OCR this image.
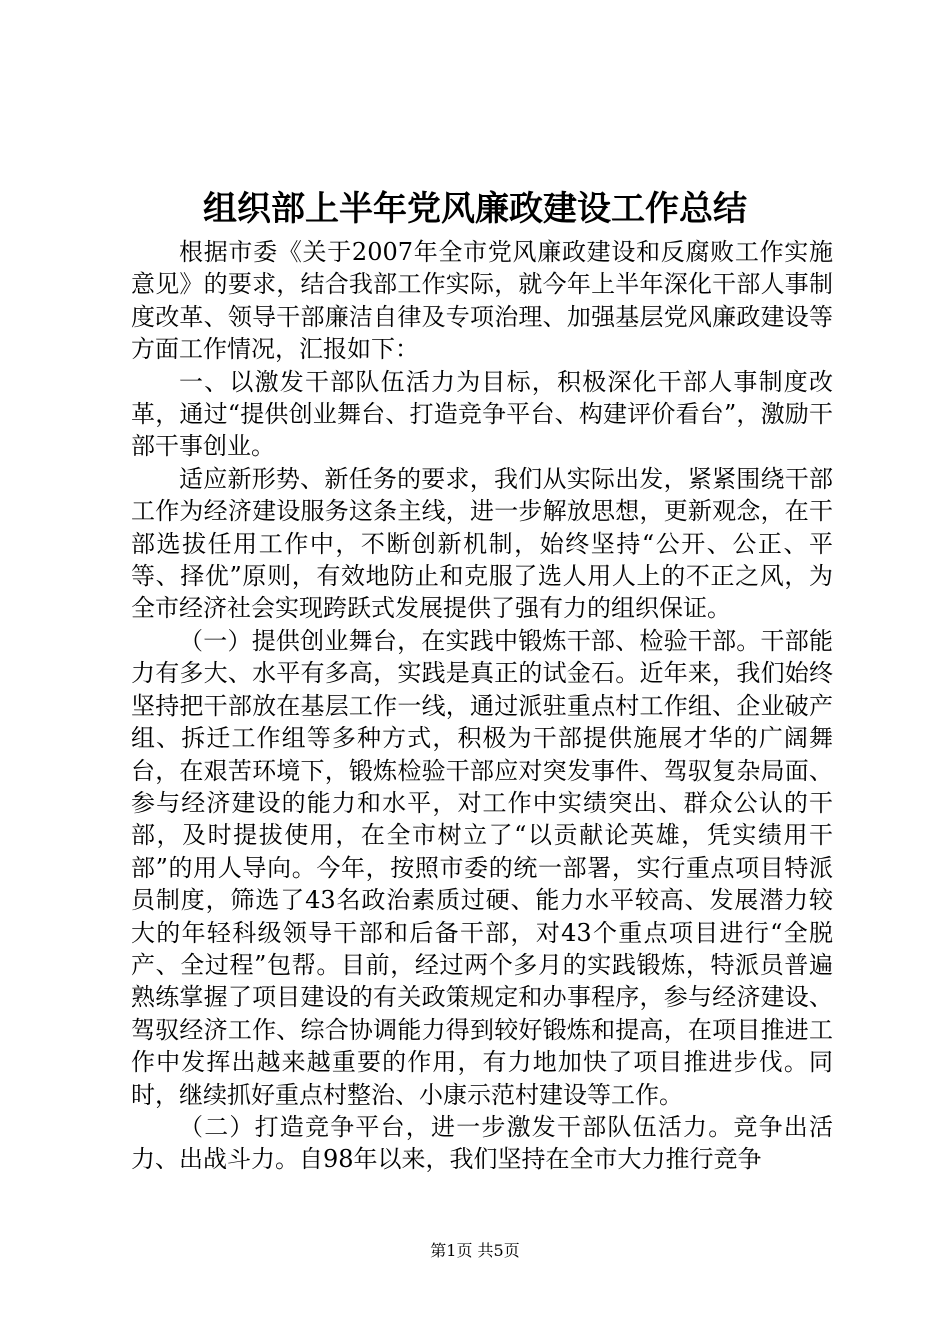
组织部上半年党风廉政建设工作总结

根据市委《关于2007年全市党风廉政建设和反腐败工作实施意见》的要求，结合我部工作实际，就今年上半年深化干部人事制度改革、领导干部廉洁自律及专项治理、加强基层党风廉政建设等方面工作情况，汇报如下：

一、以激发干部队伍活力为目标，积极深化干部人事制度改革，通过“提供创业舞台、打造竞争平台、构建评价看台”，激励干部干事创业。

适应新形势、新任务的要求，我们从实际出发，紧紧围绕干部工作为经济建设服务这条主线，进一步解放思想，更新观念，在干部选拔任用工作中，不断创新机制，始终坚持“公开、公正、平等、择优”原则，有效地防止和克服了选人用人上的不正之风，为全市经济社会实现跨跃式发展提供了强有力的组织保证。

（一）提供创业舞台，在实践中锻炼干部、检验干部。干部能力有多大、水平有多高，实践是真正的试金石。近年来，我们始终坚持把干部放在基层工作一线，通过派驻重点村工作组、企业破产组、拆迁工作组等多种方式，积极为干部提供施展才华的广阔舞台，在艰苦环境下，锻炼检验干部应对突发事件、驾驭复杂局面、参与经济建设的能力和水平，对工作中实绩突出、群众公认的干部，及时提拔使用，在全市树立了“以贡献论英雄，凭实绩用干部”的用人导向。今年，按照市委的统一部署，实行重点项目特派员制度，筛选了43名政治素质过硬、能力水平较高、发展潜力较大的年轻科级领导干部和后备干部，对43个重点项目进行“全脱产、全过程”包帮。目前，经过两个多月的实践锻炼，特派员普遍熟练掌握了项目建设的有关政策规定和办事程序，参与经济建设、驾驭经济工作、综合协调能力得到较好锻炼和提高，在项目推进工作中发挥出越来越重要的作用，有力地加快了项目推进步伐。同时，继续抓好重点村整治、小康示范村建设等工作。

（二）打造竞争平台，进一步激发干部队伍活力。竞争出活力、出战斗力。自98年以来，我们坚持在全市大力推行竞争

第1页 共5页
